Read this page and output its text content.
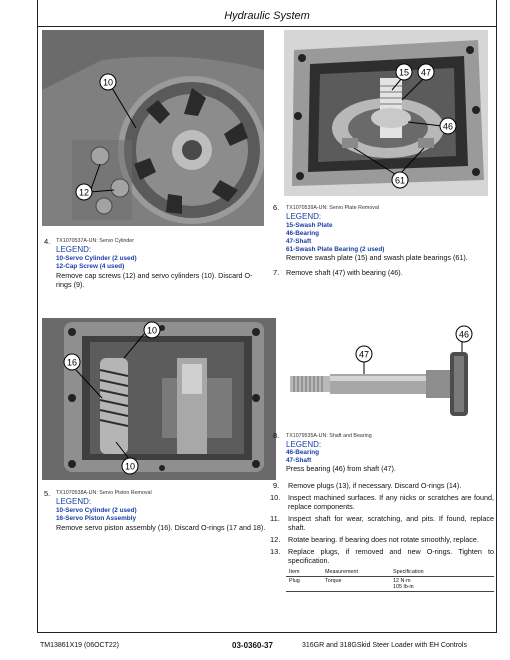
Hydraulic System
10
12
4. TX1070537A-UN: Servo Cylinder
LEGEND:
10-Servo Cylinder (2 used)
12-Cap Screw (4 used)
Remove cap screws (12) and servo cylinders (10). Discard O-rings (9).
10
16
10
5. TX1070538A-UN: Servo Piston Removal
LEGEND:
10-Servo Cylinder (2 used)
16-Servo Piston Assembly
Remove servo piston assembly (16). Discard O-rings (17 and 18).
15 47
46
61
6. TX1070539A-UN: Servo Plate Removal
LEGEND:
15-Swash Plate
46-Bearing
47-Shaft
61-Swash Plate Bearing (2 used)
Remove swash plate (15) and swash plate bearings (61).
7. Remove shaft (47) with bearing (46).
46
47
8. TX1079535A-UN: Shaft and Bearing
LEGEND:
46-Bearing
47-Shaft
Press bearing (46) from shaft (47).
9. Remove plugs (13), if necessary. Discard O-rings (14).
10. Inspect machined surfaces. If any nicks or scratches are found, replace components.
11. Inspect shaft for wear, scratching, and pits. If found, replace shaft.
12. Rotate bearing. If bearing does not rotate smoothly, replace.
13. Replace plugs, if removed and new O-rings. Tighten to specification.
Item	Measurement	Specification
Plug	Torque	12 N·m
105 lb-in
TM13861X19 (06OCT22)	03-0360-37	316GR and 318GSkid Steer Loader with EH Controls
